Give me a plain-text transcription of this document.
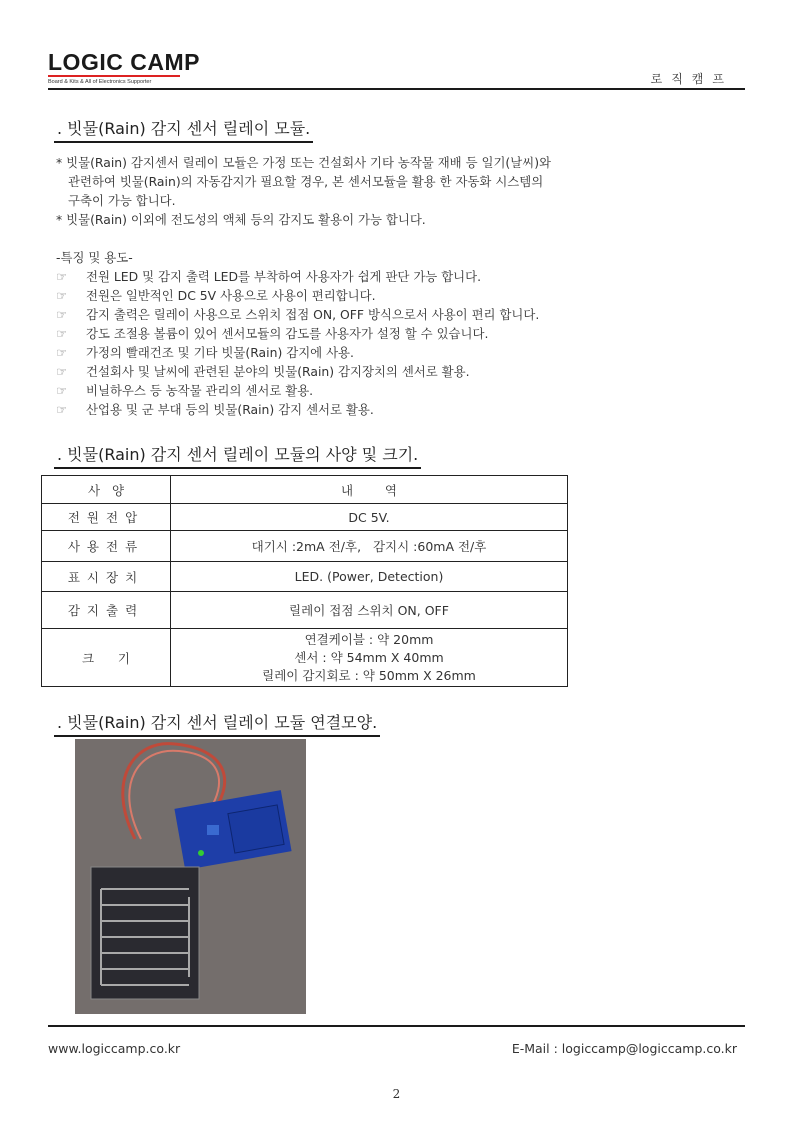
LOGIC CAMP
Board & Kits & All of Electronics Supporter	로직캠프
. 빗물(Rain) 감지 센서 릴레이 모듈.
* 빗물(Rain) 감지센서 릴레이 모듈은 가정 또는 건설회사 기타 농작물 재배 등 일기(날씨)와
관련하여 빗물(Rain)의 자동감지가 필요할 경우, 본 센서모듈을 활용 한 자동화 시스템의
구축이 가능 합니다.
* 빗물(Rain) 이외에 전도성의 액체 등의 감지도 활용이 가능 합니다.
-특징 및 용도-
☞ 전원 LED 및 감지 출력 LED를 부착하여 사용자가 쉽게 판단 가능 합니다.
☞ 전원은 일반적인 DC 5V 사용으로 사용이 편리합니다.
☞ 감지 출력은 릴레이 사용으로 스위치 접점 ON, OFF 방식으로서 사용이 편리 합니다.
☞ 강도 조절용 볼륨이 있어 센서모듈의 감도를 사용자가 설정 할 수 있습니다.
☞ 가정의 빨래건조 및 기타 빗물(Rain) 감지에 사용.
☞ 건설회사 및 날씨에 관련된 분야의 빗물(Rain) 감지장치의 센서로 활용.
☞ 비닐하우스 등 농작물 관리의 센서로 활용.
☞ 산업용 및 군 부대 등의 빗물(Rain) 감지 센서로 활용.
. 빗물(Rain) 감지 센서 릴레이 모듈의 사양 및 크기.
사   양	내        역
전원전압	DC 5V.
사용전류	대기시 :2mA 전/후,   감지시 :60mA 전/후
표시장치	LED. (Power, Detection)
감지출력	릴레이 접점 스위치 ON, OFF
크      기	연결케이블 : 약 20mm
센서 : 약 54mm X 40mm
릴레이 감지회로 : 약 50mm X 26mm
. 빗물(Rain) 감지 센서 릴레이 모듈 연결모양.
www.logiccamp.co.kr	E-Mail : logiccamp@logiccamp.co.kr
2
